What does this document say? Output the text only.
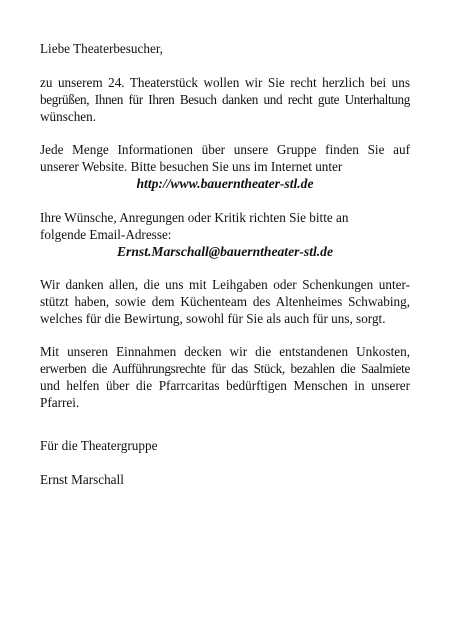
Liebe Theaterbesucher,
zu unserem 24. Theaterstück wollen wir Sie recht herzlich bei uns
begrüßen, Ihnen für Ihren Besuch danken und recht gute Unterhaltung
wünschen.
Jede Menge Informationen über unsere Gruppe finden Sie auf
unserer Website. Bitte besuchen Sie uns im Internet unter
http://www.bauerntheater-stl.de
Ihre Wünsche, Anregungen oder Kritik richten Sie bitte an
folgende Email-Adresse:
Ernst.Marschall@bauerntheater-stl.de
Wir danken allen, die uns mit Leihgaben oder Schenkungen unter-
stützt haben, sowie dem Küchenteam des Altenheimes Schwabing,
welches für die Bewirtung, sowohl für Sie als auch für uns, sorgt.
Mit unseren Einnahmen decken wir die entstandenen Unkosten,
erwerben die Aufführungsrechte für das Stück, bezahlen die Saalmiete
und helfen über die Pfarrcaritas bedürftigen Menschen in unserer
Pfarrei.
Für die Theatergruppe
Ernst Marschall
